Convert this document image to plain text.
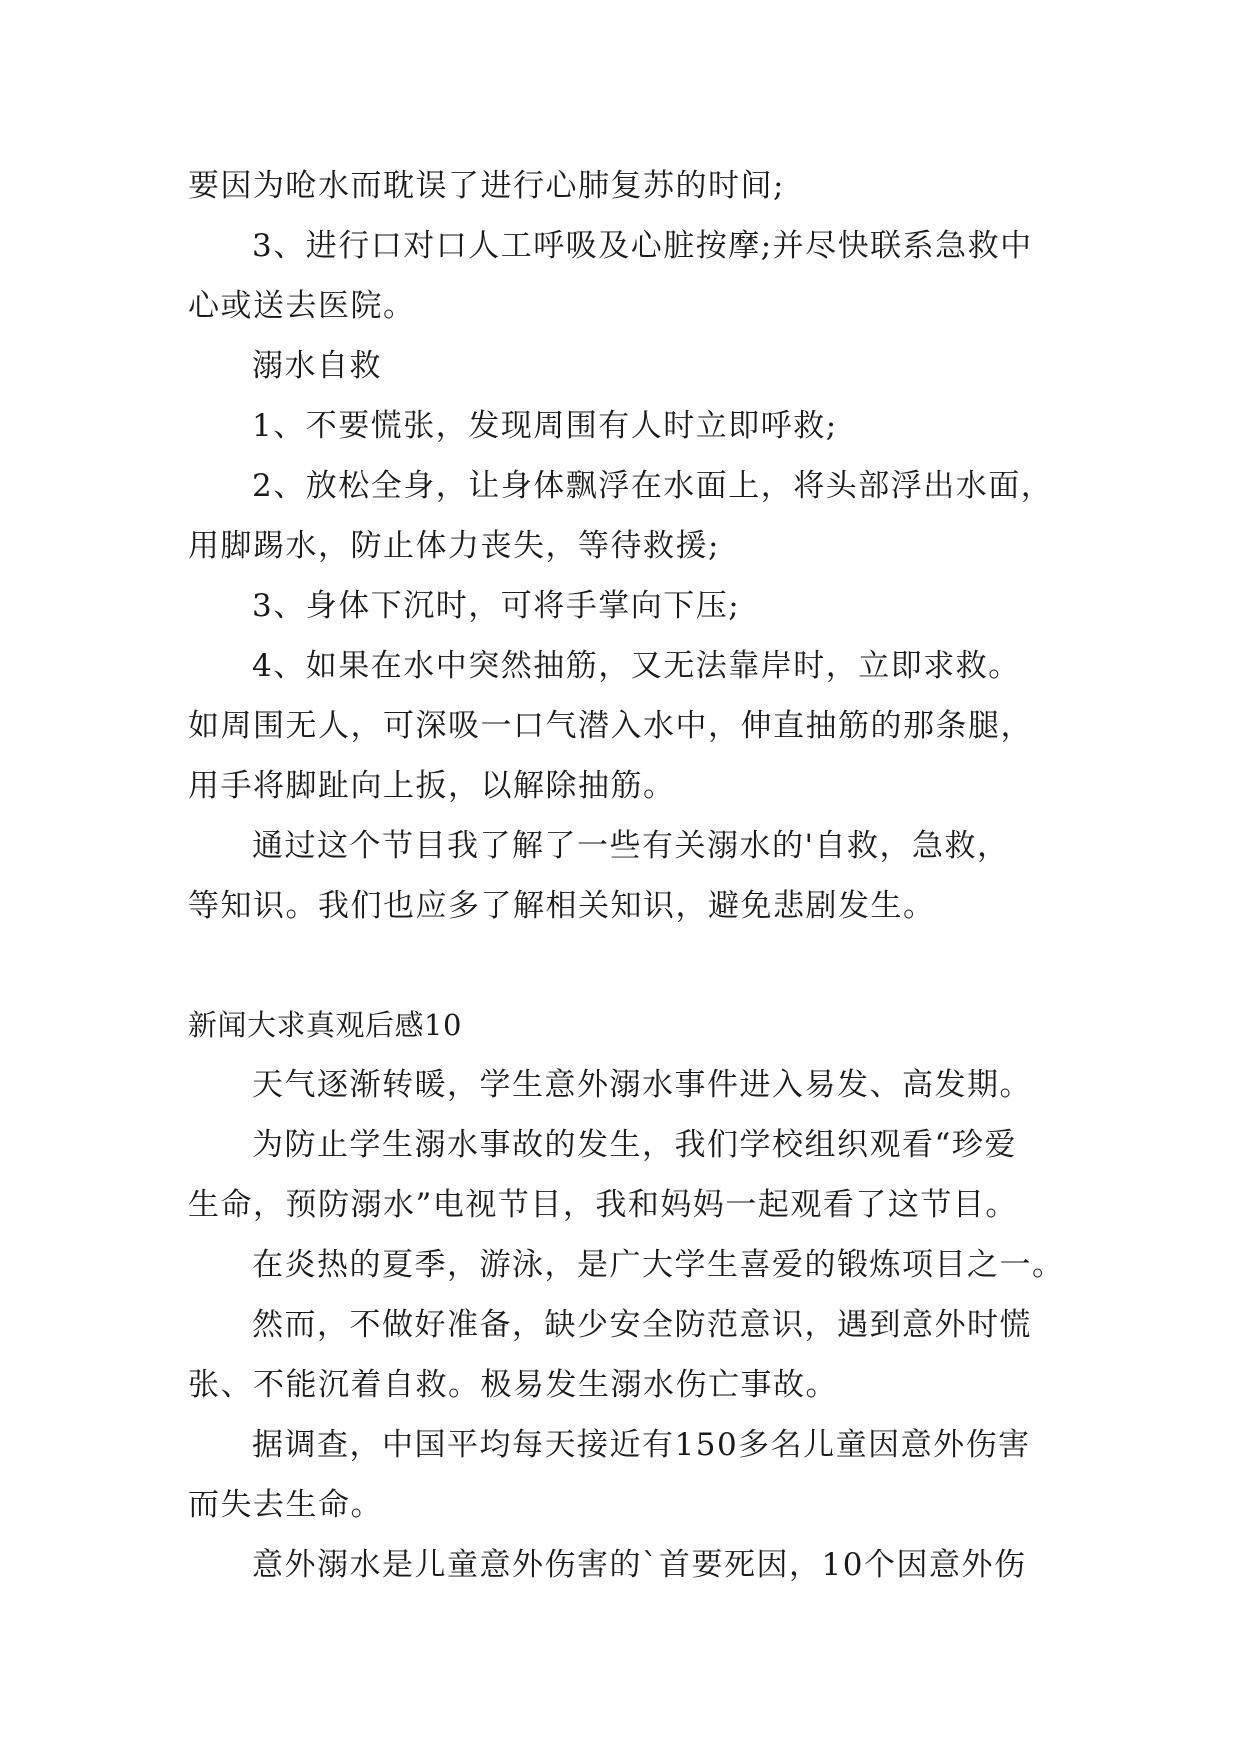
要因为呛水而耽误了进行心肺复苏的时间;
3、进行口对口人工呼吸及心脏按摩;并尽快联系急救中
心或送去医院。
溺水自救
1、不要慌张，发现周围有人时立即呼救;
2、放松全身，让身体飘浮在水面上，将头部浮出水面，
用脚踢水，防止体力丧失，等待救援;
3、身体下沉时，可将手掌向下压;
4、如果在水中突然抽筋，又无法靠岸时，立即求救。
如周围无人，可深吸一口气潜入水中，伸直抽筋的那条腿，
用手将脚趾向上扳，以解除抽筋。
通过这个节目我了解了一些有关溺水的'自救，急救，
等知识。我们也应多了解相关知识，避免悲剧发生。
新闻大求真观后感10
天气逐渐转暖，学生意外溺水事件进入易发、高发期。
为防止学生溺水事故的发生，我们学校组织观看“珍爱
生命，预防溺水”电视节目，我和妈妈一起观看了这节目。
在炎热的夏季，游泳，是广大学生喜爱的锻炼项目之一。
然而，不做好准备，缺少安全防范意识，遇到意外时慌
张、不能沉着自救。极易发生溺水伤亡事故。
据调查，中国平均每天接近有150多名儿童因意外伤害
而失去生命。
意外溺水是儿童意外伤害的`首要死因，10个因意外伤
